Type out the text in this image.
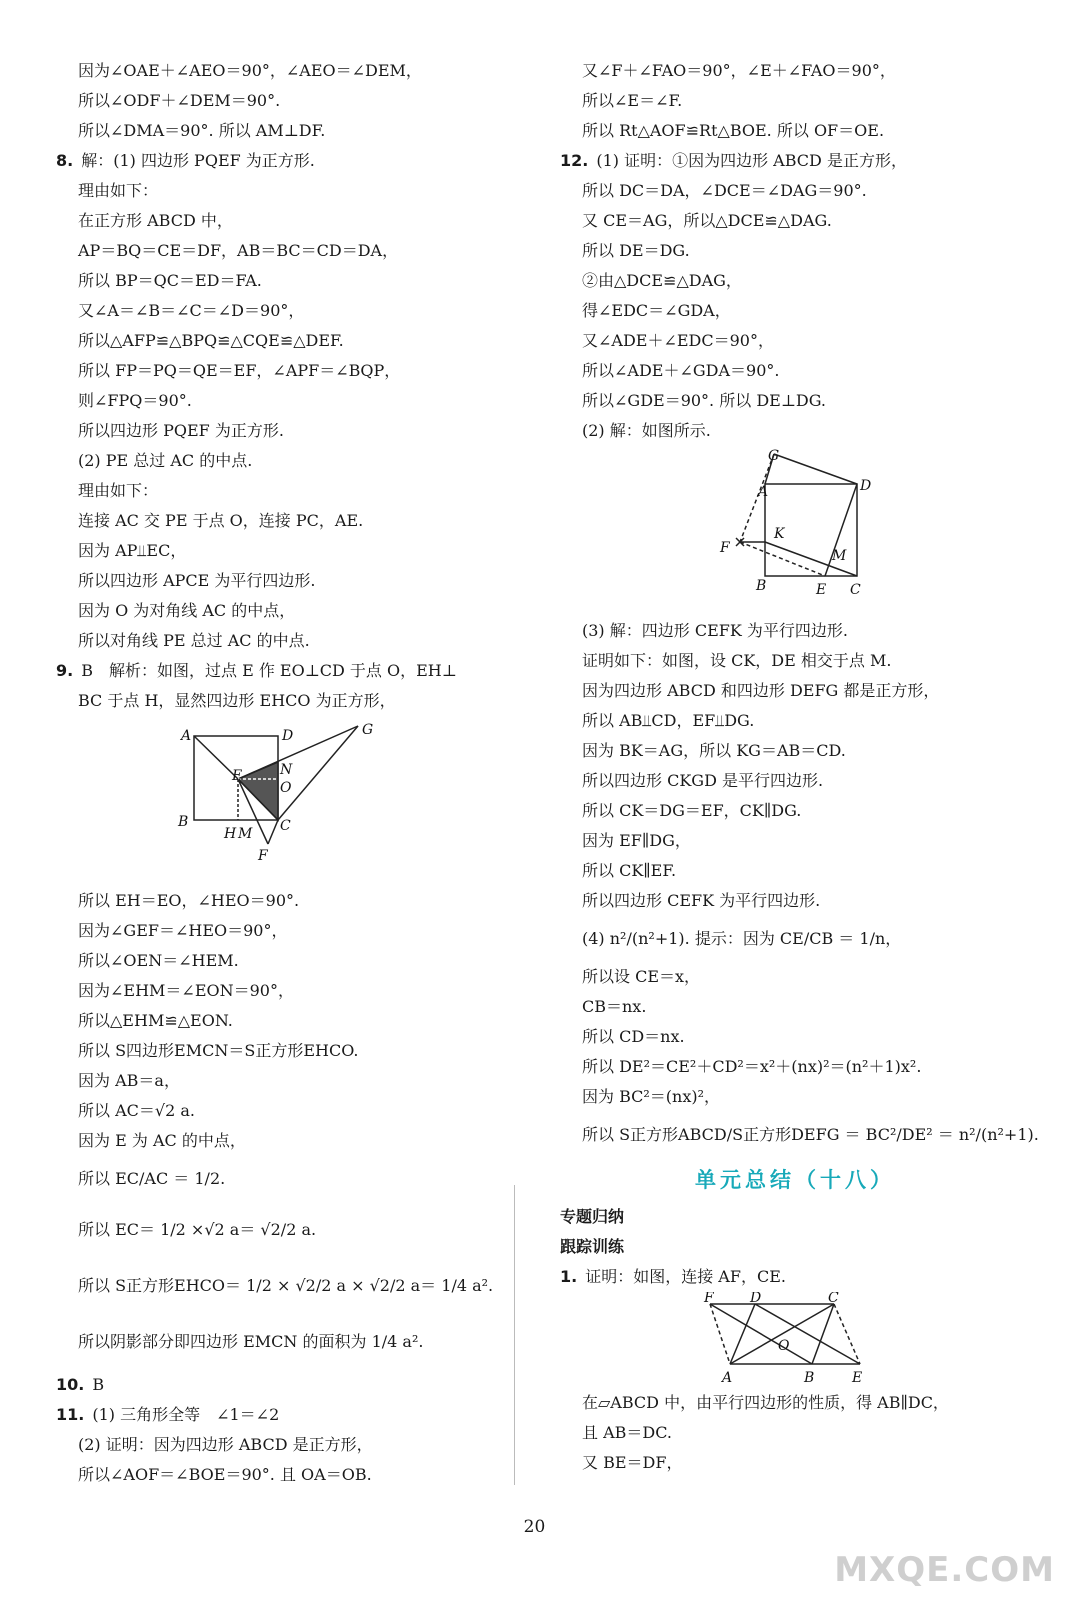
因为∠OAE＋∠AEO＝90°，∠AEO＝∠DEM，
所以∠ODF＋∠DEM＝90°.
所以∠DMA＝90°. 所以 AM⊥DF.
8. 解：(1) 四边形 PQEF 为正方形.
理由如下：
在正方形 ABCD 中，
AP＝BQ＝CE＝DF，AB＝BC＝CD＝DA，
所以 BP＝QC＝ED＝FA.
又∠A＝∠B＝∠C＝∠D＝90°，
所以△AFP≌△BPQ≌△CQE≌△DEF.
所以 FP＝PQ＝QE＝EF，∠APF＝∠BQP，
则∠FPQ＝90°.
所以四边形 PQEF 为正方形.
(2) PE 总过 AC 的中点.
理由如下：
连接 AC 交 PE 于点 O，连接 PC，AE.
因为 AP⫫EC，
所以四边形 APCE 为平行四边形.
因为 O 为对角线 AC 的中点，
所以对角线 PE 总过 AC 的中点.
9. B　解析：如图，过点 E 作 EO⊥CD 于点 O，EH⊥
BC 于点 H，显然四边形 EHCO 为正方形，
A	D	G
E	N
O
B
H M C
F
所以 EH＝EO，∠HEO＝90°.
因为∠GEF＝∠HEO＝90°，
所以∠OEN＝∠HEM.
因为∠EHM＝∠EON＝90°，
所以△EHM≌△EON.
所以 S四边形EMCN＝S正方形EHCO.
因为 AB＝a，
所以 AC＝√2 a.
因为 E 为 AC 的中点，
所以 EC/AC ＝ 1/2.
所以 EC＝ 1/2 ×√2 a＝ √2/2 a.
所以 S正方形EHCO＝ 1/2 × √2/2 a × √2/2 a＝ 1/4 a².
所以阴影部分即四边形 EMCN 的面积为 1/4 a².
10. B
11. (1) 三角形全等　∠1＝∠2
(2) 证明：因为四边形 ABCD 是正方形，
所以∠AOF＝∠BOE＝90°. 且 OA＝OB.
又∠F＋∠FAO＝90°，∠E＋∠FAO＝90°，
所以∠E＝∠F.
所以 Rt△AOF≌Rt△BOE. 所以 OF＝OE.
12. (1) 证明：①因为四边形 ABCD 是正方形，
所以 DC＝DA，∠DCE＝∠DAG＝90°.
又 CE＝AG，所以△DCE≌△DAG.
所以 DE＝DG.
②由△DCE≌△DAG，
得∠EDC＝∠GDA，
又∠ADE＋∠EDC＝90°，
所以∠ADE＋∠GDA＝90°.
所以∠GDE＝90°. 所以 DE⊥DG.
(2) 解：如图所示.
G
A	D
F
K
M
B	E C
(3) 解：四边形 CEFK 为平行四边形.
证明如下：如图，设 CK，DE 相交于点 M.
因为四边形 ABCD 和四边形 DEFG 都是正方形，
所以 AB⫫CD，EF⫫DG.
因为 BK＝AG，所以 KG＝AB＝CD.
所以四边形 CKGD 是平行四边形.
所以 CK＝DG＝EF，CK∥DG.
因为 EF∥DG，
所以 CK∥EF.
所以四边形 CEFK 为平行四边形.
(4) n²/(n²+1). 提示：因为 CE/CB ＝ 1/n，
所以设 CE＝x，
CB＝nx.
所以 CD＝nx.
所以 DE²＝CE²＋CD²＝x²＋(nx)²＝(n²＋1)x².
因为 BC²＝(nx)²，
所以 S正方形ABCD/S正方形DEFG ＝ BC²/DE² ＝ n²/(n²+1).
单元总结（十八）
专题归纳
跟踪训练
1. 证明：如图，连接 AF，CE.
F	D	C
O
A	B	E
在▱ABCD 中，由平行四边形的性质，得 AB∥DC，
且 AB＝DC.
又 BE＝DF，
20
MXQE.COM
